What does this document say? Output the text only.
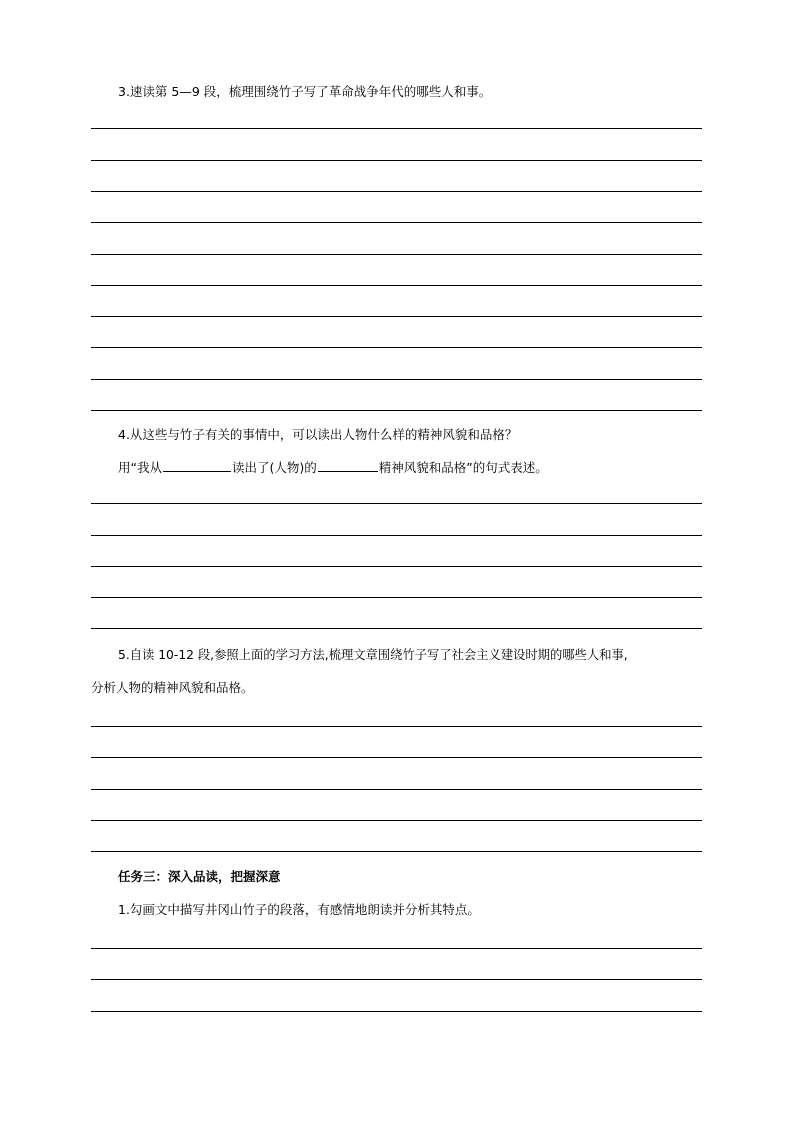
3.速读第 5—9 段，梳理围绕竹子写了革命战争年代的哪些人和事。
4.从这些与竹子有关的事情中，可以读出人物什么样的精神风貌和品格？
用“我从	读出了(人物)的	精神风貌和品格”的句式表述。
5.自读 10-12 段,参照上面的学习方法,梳理文章围绕竹子写了社会主义建设时期的哪些人和事,
分析人物的精神风貌和品格。
任务三：深入品读，把握深意
1.勾画文中描写井冈山竹子的段落，有感情地朗读并分析其特点。
